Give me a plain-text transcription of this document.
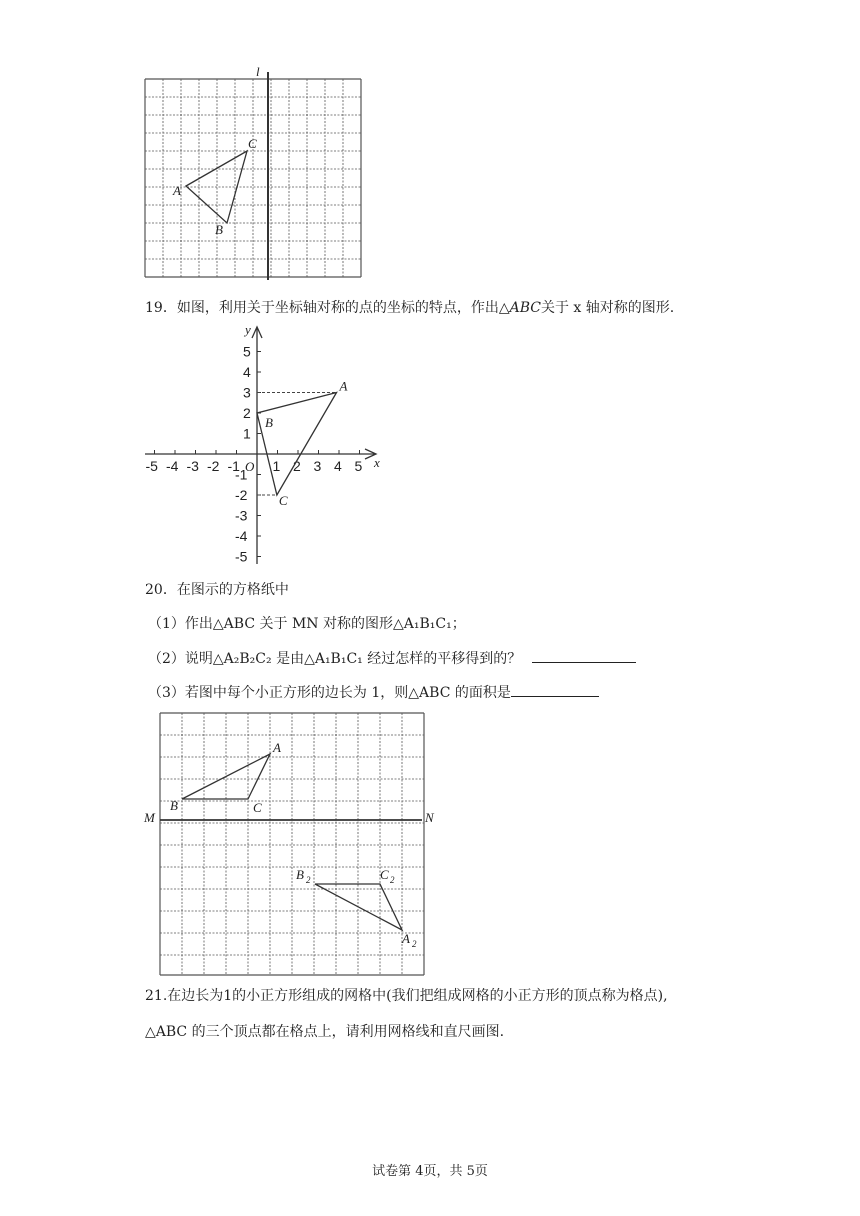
l
A
B
C
19．如图，利用关于坐标轴对称的点的坐标的特点，作出△ABC关于 x 轴对称的图形.
x
y
-5 -4 -3 -2 -1 O 1 2 3 4 5
5
4
3
2
1
-1
-2
-3
-4
-5
A
B
C
20．在图示的方格纸中
（1）作出△ABC 关于 MN 对称的图形△A₁B₁C₁；
（2）说明△A₂B₂C₂ 是由△A₁B₁C₁ 经过怎样的平移得到的？
（3）若图中每个小正方形的边长为 1，则△ABC 的面积是
M	N
A
B	C
B 2	C 2
A 2
21.在边长为1的小正方形组成的网格中(我们把组成网格的小正方形的顶点称为格点),
△ABC 的三个顶点都在格点上，请利用网格线和直尺画图.
试卷第 4页，共 5页
